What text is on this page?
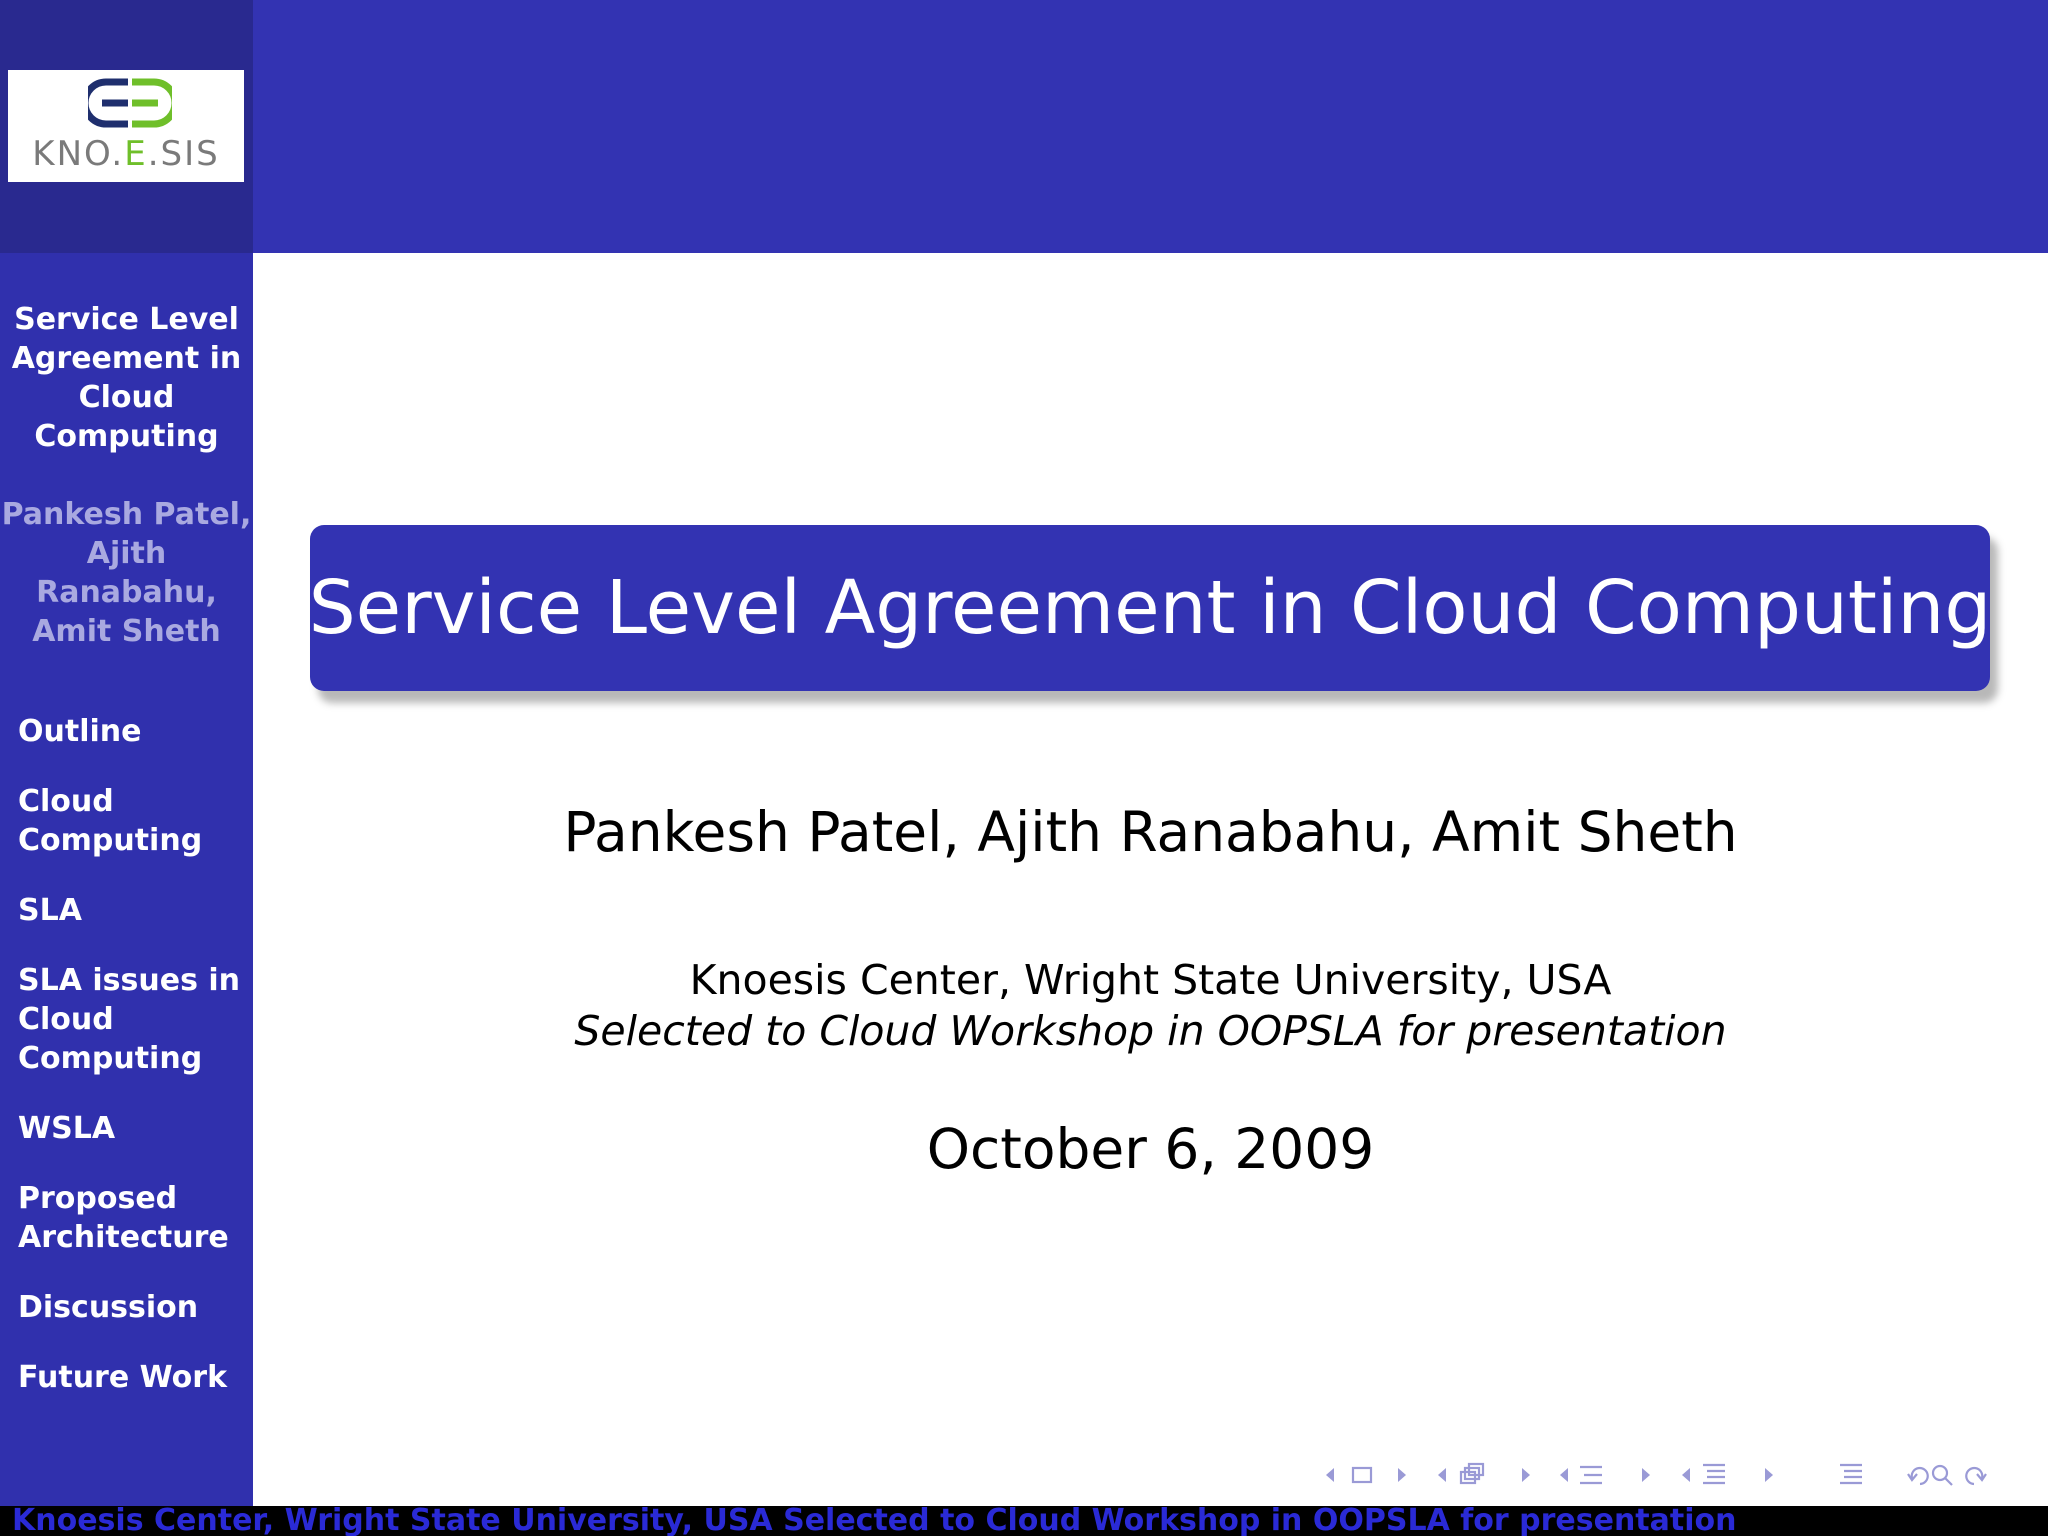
KNO.E.SIS
Service Level Agreement in Cloud Computing
Pankesh Patel, Ajith Ranabahu, Amit Sheth
Outline
Cloud Computing
SLA
SLA issues in Cloud Computing
WSLA
Proposed Architecture
Discussion
Future Work
Service Level Agreement in Cloud Computing
Pankesh Patel, Ajith Ranabahu, Amit Sheth
Knoesis Center, Wright State University, USA
Selected to Cloud Workshop in OOPSLA for presentation
October 6, 2009
Knoesis Center, Wright State University, USA Selected to Cloud Workshop in OOPSLA for presentation
